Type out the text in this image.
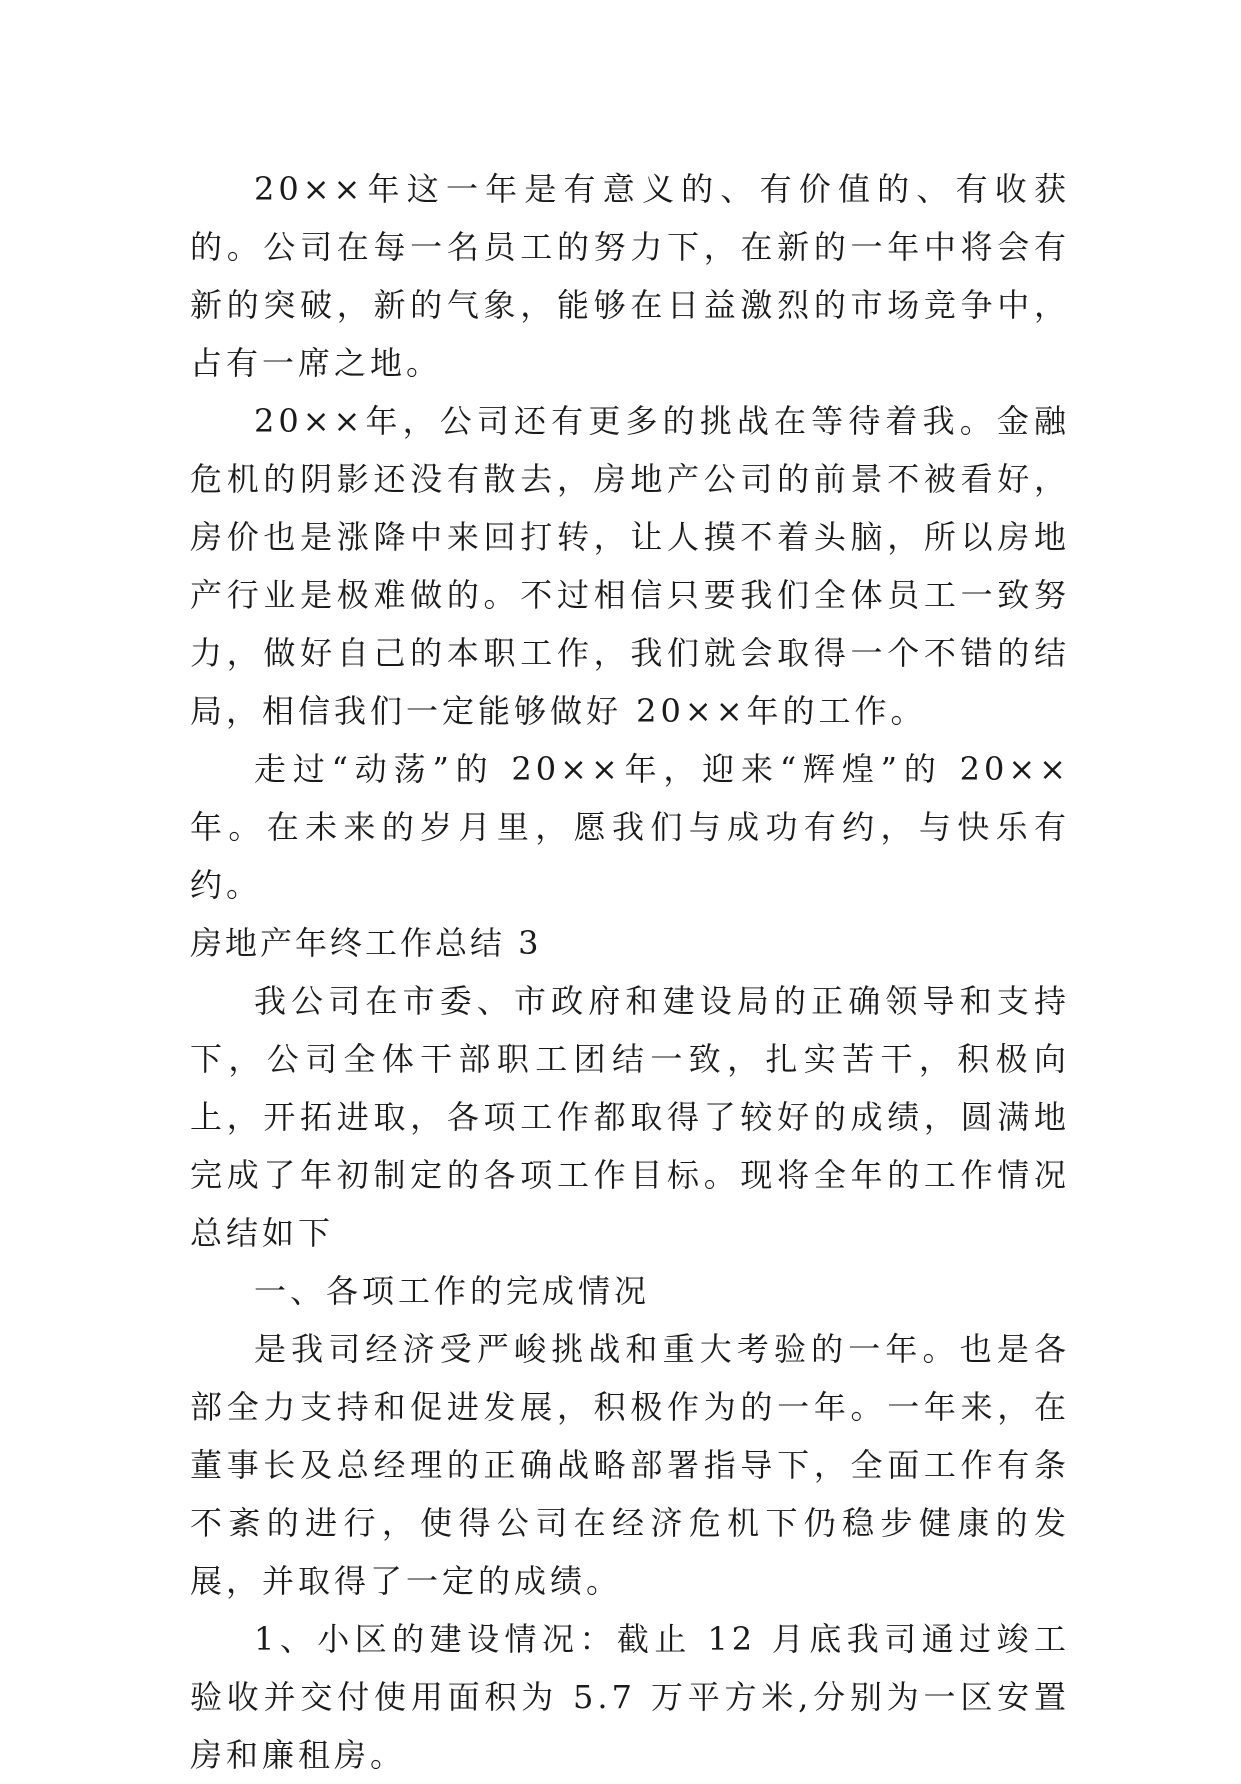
20××年这一年是有意义的、有价值的、有收获的。公司在每一名员工的努力下，在新的一年中将会有新的突破，新的气象，能够在日益激烈的市场竞争中，占有一席之地。

20××年，公司还有更多的挑战在等待着我。金融危机的阴影还没有散去，房地产公司的前景不被看好，房价也是涨降中来回打转，让人摸不着头脑，所以房地产行业是极难做的。不过相信只要我们全体员工一致努力，做好自己的本职工作，我们就会取得一个不错的结局，相信我们一定能够做好 20××年的工作。

走过“动荡”的 20××年，迎来“辉煌”的 20××年。在未来的岁月里，愿我们与成功有约，与快乐有约。

房地产年终工作总结 3

我公司在市委、市政府和建设局的正确领导和支持下，公司全体干部职工团结一致，扎实苦干，积极向上，开拓进取，各项工作都取得了较好的成绩，圆满地完成了年初制定的各项工作目标。现将全年的工作情况总结如下

一、各项工作的完成情况

是我司经济受严峻挑战和重大考验的一年。也是各部全力支持和促进发展，积极作为的一年。一年来，在董事长及总经理的正确战略部署指导下，全面工作有条不紊的进行，使得公司在经济危机下仍稳步健康的发展，并取得了一定的成绩。

1、小区的建设情况：截止 12 月底我司通过竣工验收并交付使用面积为 5.7 万平方米,分别为一区安置房和廉租房。
